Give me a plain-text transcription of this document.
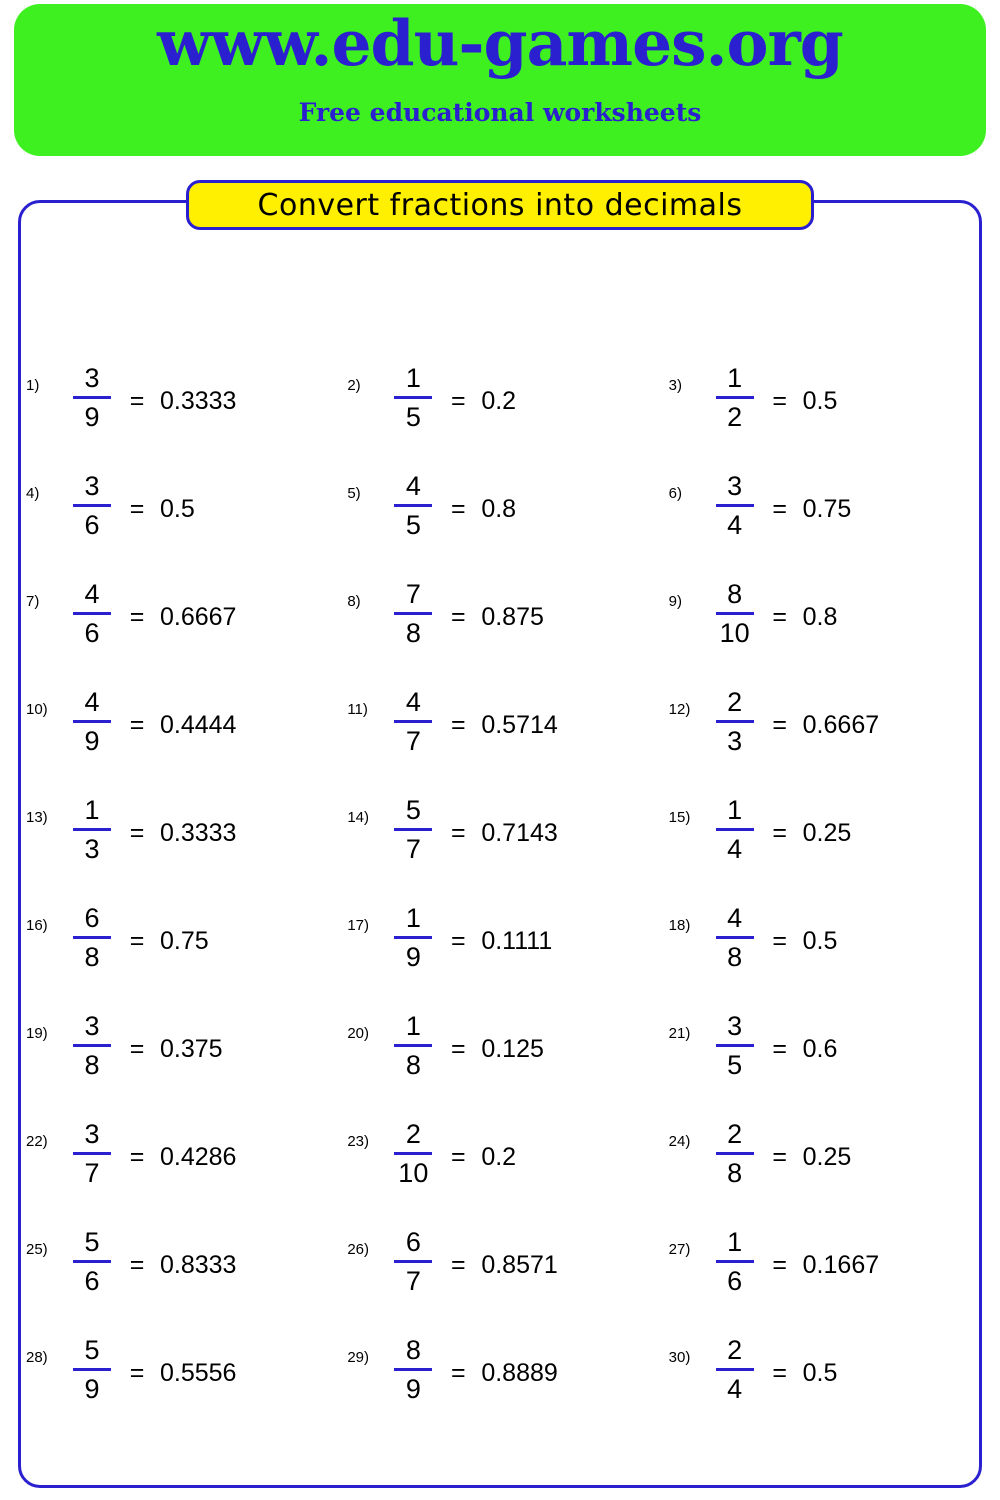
www.edu-games.org
Free educational worksheets
Convert fractions into decimals
$1) \frac{3}{9} = 0.3333$
$2) \frac{1}{5} = 0.2$
$3) \frac{1}{2} = 0.5$
$4) \frac{3}{6} = 0.5$
$5) \frac{4}{5} = 0.8$
$6) \frac{3}{4} = 0.75$
$7) \frac{4}{6} = 0.6667$
$8) \frac{7}{8} = 0.875$
$9) \frac{8}{10} = 0.8$
$10) \frac{4}{9} = 0.4444$
$11) \frac{4}{7} = 0.5714$
$12) \frac{2}{3} = 0.6667$
$13) \frac{1}{3} = 0.3333$
$14) \frac{5}{7} = 0.7143$
$15) \frac{1}{4} = 0.25$
$16) \frac{6}{8} = 0.75$
$17) \frac{1}{9} = 0.1111$
$18) \frac{4}{8} = 0.5$
$19) \frac{3}{8} = 0.375$
$20) \frac{1}{8} = 0.125$
$21) \frac{3}{5} = 0.6$
$22) \frac{3}{7} = 0.4286$
$23) \frac{2}{10} = 0.2$
$24) \frac{2}{8} = 0.25$
$25) \frac{5}{6} = 0.8333$
$26) \frac{6}{7} = 0.8571$
$27) \frac{1}{6} = 0.1667$
$28) \frac{5}{9} = 0.5556$
$29) \frac{8}{9} = 0.8889$
$30) \frac{2}{4} = 0.5$
